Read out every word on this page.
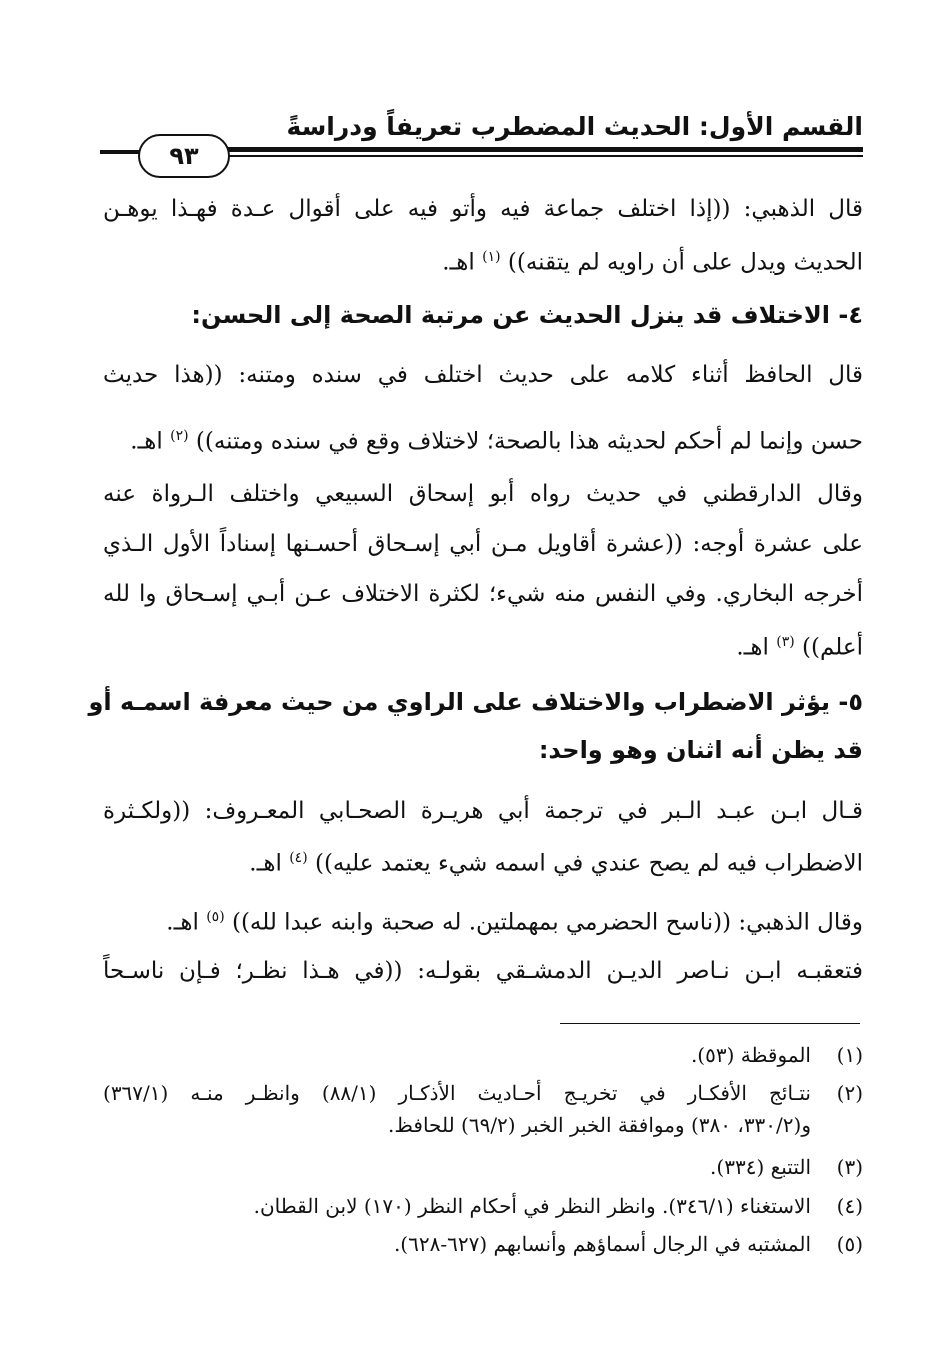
القسم الأول: الحديث المضطرب تعريفاً ودراسةً
٩٣
قال الذهبي: ((إذا اختلف جماعة فيه وأتو فيه على أقوال عـدة فهـذا يوهـن
الحديث ويدل على أن راويه لم يتقنه)) $^{(١)}$ اهـ.
٤- الاختلاف قد ينزل الحديث عن مرتبة الصحة إلى الحسن:
قال الحافظ أثناء كلامه على حديث اختلف في سنده ومتنه: ((هذا حديث
حسن وإنما لم أحكم لحديثه هذا بالصحة؛ لاختلاف وقع في سنده ومتنه)) $^{(٢)}$ اهـ.
وقال الدارقطني في حديث رواه أبو إسحاق السبيعي واختلف الـرواة عنه
على عشرة أوجه: ((عشرة أقاويل مـن أبي إسـحاق أحسـنها إسناداً الأول الـذي
أخرجه البخاري. وفي النفس منه شيء؛ لكثرة الاختلاف عـن أبـي إسـحاق وا لله
أعلم)) $^{(٣)}$ اهـ.
٥- يؤثر الاضطراب والاختلاف على الراوي من حيث معرفة اسمـه أو
قد يظن أنه اثنان وهو واحد:
قـال ابـن عبـد الـبر في ترجمة أبي هريـرة الصحـابي المعـروف: ((ولكـثرة
الاضطراب فيه لم يصح عندي في اسمه شيء يعتمد عليه)) $^{(٤)}$ اهـ.
وقال الذهبي: ((ناسح الحضرمي بمهملتين. له صحبة وابنه عبدا لله)) $^{(٥)}$ اهـ.
فتعقبـه ابـن نـاصر الديـن الدمشـقي بقولـه: ((في هـذا نظـر؛ فـإن ناسـحاً
(١)
الموقظة (٥٣).
(٢)
نتـائج الأفكـار في تخريـج أحـاديث الأذكـار (٨٨/١) وانظـر منـه (٣٦٧/١)
و(٣٣٠/٢، ٣٨٠) وموافقة الخبر الخبر (٦٩/٢) للحافظ.
(٣)
التتبع (٣٣٤).
(٤)
الاستغناء (٣٤٦/١). وانظر النظر في أحكام النظر (١٧٠) لابن القطان.
(٥)
المشتبه في الرجال أسماؤهم وأنسابهم (٦٢٧-٦٢٨).
